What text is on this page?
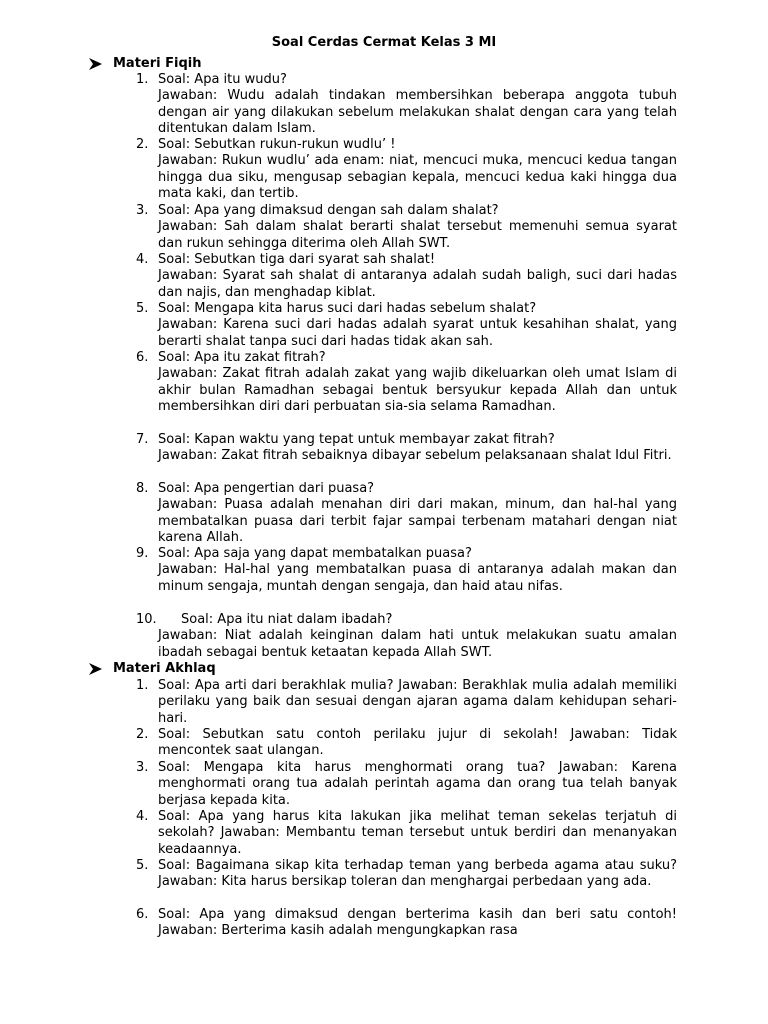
Soal Cerdas Cermat Kelas 3 MI
Materi Fiqih
1. Soal: Apa itu wudu?

Jawaban: Wudu adalah tindakan membersihkan beberapa anggota tubuh dengan air yang dilakukan sebelum melakukan shalat dengan cara yang telah ditentukan dalam Islam.

2. Soal: Sebutkan rukun-rukun wudlu’ !

Jawaban: Rukun wudlu’ ada enam: niat, mencuci muka, mencuci kedua tangan hingga dua siku, mengusap sebagian kepala, mencuci kedua kaki hingga dua mata kaki, dan tertib.

3. Soal: Apa yang dimaksud dengan sah dalam shalat?

Jawaban: Sah dalam shalat berarti shalat tersebut memenuhi semua syarat dan rukun sehingga diterima oleh Allah SWT.

4. Soal: Sebutkan tiga dari syarat sah shalat!

Jawaban: Syarat sah shalat di antaranya adalah sudah baligh, suci dari hadas dan najis, dan menghadap kiblat.

5. Soal: Mengapa kita harus suci dari hadas sebelum shalat?

Jawaban: Karena suci dari hadas adalah syarat untuk kesahihan shalat, yang berarti shalat tanpa suci dari hadas tidak akan sah.

6. Soal: Apa itu zakat fitrah?

Jawaban: Zakat fitrah adalah zakat yang wajib dikeluarkan oleh umat Islam di akhir bulan Ramadhan sebagai bentuk bersyukur kepada Allah dan untuk membersihkan diri dari perbuatan sia-sia selama Ramadhan.

7. Soal: Kapan waktu yang tepat untuk membayar zakat fitrah?

Jawaban: Zakat fitrah sebaiknya dibayar sebelum pelaksanaan shalat Idul Fitri.

8. Soal: Apa pengertian dari puasa?

Jawaban: Puasa adalah menahan diri dari makan, minum, dan hal-hal yang membatalkan puasa dari terbit fajar sampai terbenam matahari dengan niat karena Allah.

9. Soal: Apa saja yang dapat membatalkan puasa?

Jawaban: Hal-hal yang membatalkan puasa di antaranya adalah makan dan minum sengaja, muntah dengan sengaja, dan haid atau nifas.

10.	Soal: Apa itu niat dalam ibadah?

Jawaban: Niat adalah keinginan dalam hati untuk melakukan suatu amalan ibadah sebagai bentuk ketaatan kepada Allah SWT.

Materi Akhlaq
1. Soal: Apa arti dari berakhlak mulia? Jawaban: Berakhlak mulia adalah memiliki perilaku yang baik dan sesuai dengan ajaran agama dalam kehidupan sehari-hari.

2. Soal: Sebutkan satu contoh perilaku jujur di sekolah! Jawaban: Tidak mencontek saat ulangan.

3. Soal: Mengapa kita harus menghormati orang tua? Jawaban: Karena menghormati orang tua adalah perintah agama dan orang tua telah banyak berjasa kepada kita.

4. Soal: Apa yang harus kita lakukan jika melihat teman sekelas terjatuh di sekolah? Jawaban: Membantu teman tersebut untuk berdiri dan menanyakan keadaannya.

5. Soal: Bagaimana sikap kita terhadap teman yang berbeda agama atau suku? Jawaban: Kita harus bersikap toleran dan menghargai perbedaan yang ada.

6. Soal: Apa yang dimaksud dengan berterima kasih dan beri satu contoh! Jawaban: Berterima kasih adalah mengungkapkan rasa
